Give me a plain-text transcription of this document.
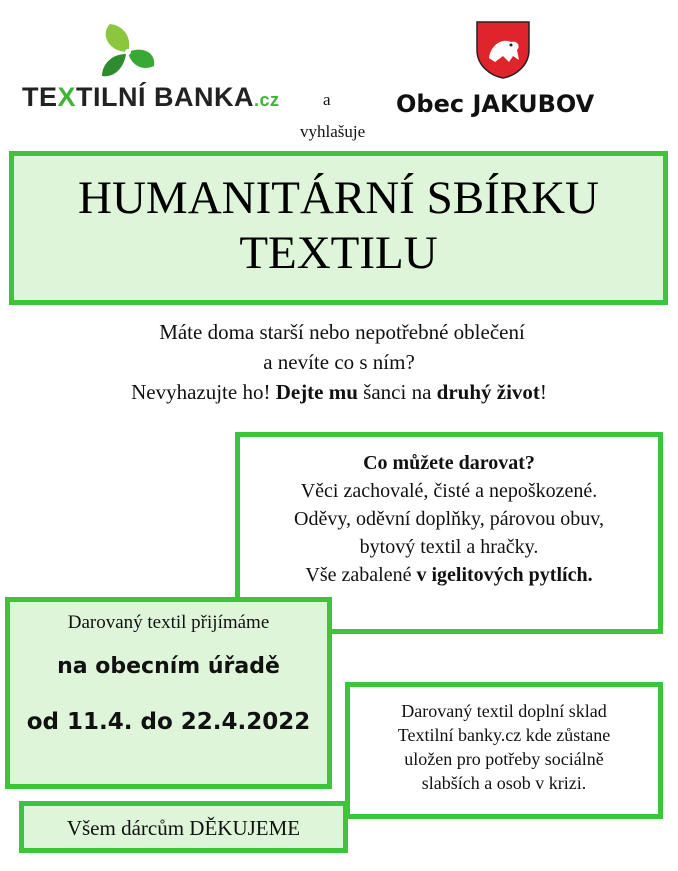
TEXTILNÍ BANKA.cz	a
vyhlašuje
Obec JAKUBOV
HUMANITÁRNÍ SBÍRKU
TEXTILU
Máte doma starší nebo nepotřebné oblečení
a nevíte co s ním?
Nevyhazujte ho! Dejte mu šanci na druhý život!
Co můžete darovat?
Věci zachovalé, čisté a nepoškozené.
Oděvy, oděvní doplňky, párovou obuv,
bytový textil a hračky.
Vše zabalené v igelitových pytlích.
Darovaný textil přijímáme
na obecním úřadě
od 11.4. do 22.4.2022	Darovaný textil doplní sklad
Textilní banky.cz kde zůstane
uložen pro potřeby sociálně
slabších a osob v krizi.
Všem dárcům DĚKUJEME
